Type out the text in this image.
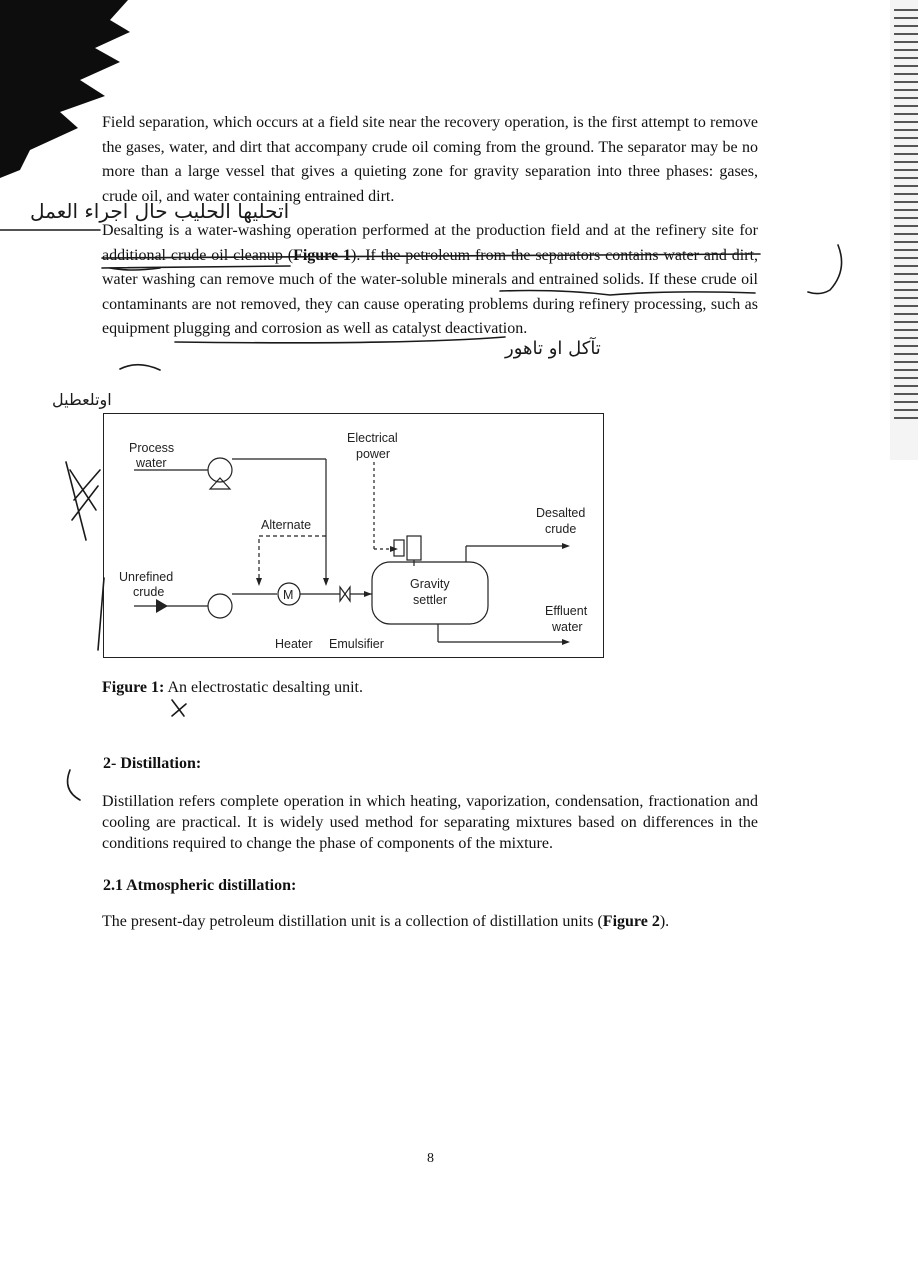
Field separation, which occurs at a field site near the recovery operation, is the first attempt to remove the gases, water, and dirt that accompany crude oil coming from the ground. The separator may be no more than a large vessel that gives a quieting zone for gravity separation into three phases: gases, crude oil, and water containing entrained dirt.

Desalting is a water-washing operation performed at the production field and at the refinery site for additional crude oil cleanup (Figure 1). If the petroleum from the separators contains water and dirt, water washing can remove much of the water-soluble minerals and entrained solids. If these crude oil contaminants are not removed, they can cause operating problems during refinery processing, such as equipment plugging and corrosion as well as catalyst deactivation.

Process
water
Electrical
power
Alternate
Desalted
crude
Unrefined
crude
Gravity
settler
Effluent
water
Heater Emulsifier
M

Figure 1: An electrostatic desalting unit.

2- Distillation:

Distillation refers complete operation in which heating, vaporization, condensation, fractionation and cooling are practical. It is widely used method for separating mixtures based on differences in the conditions required to change the phase of components of the mixture.

2.1 Atmospheric distillation:

The present-day petroleum distillation unit is a collection of distillation units (Figure 2).

8

اتحليها الحليب حال اجراء العمل
تآكل او تاهور
اوتلعطيل
